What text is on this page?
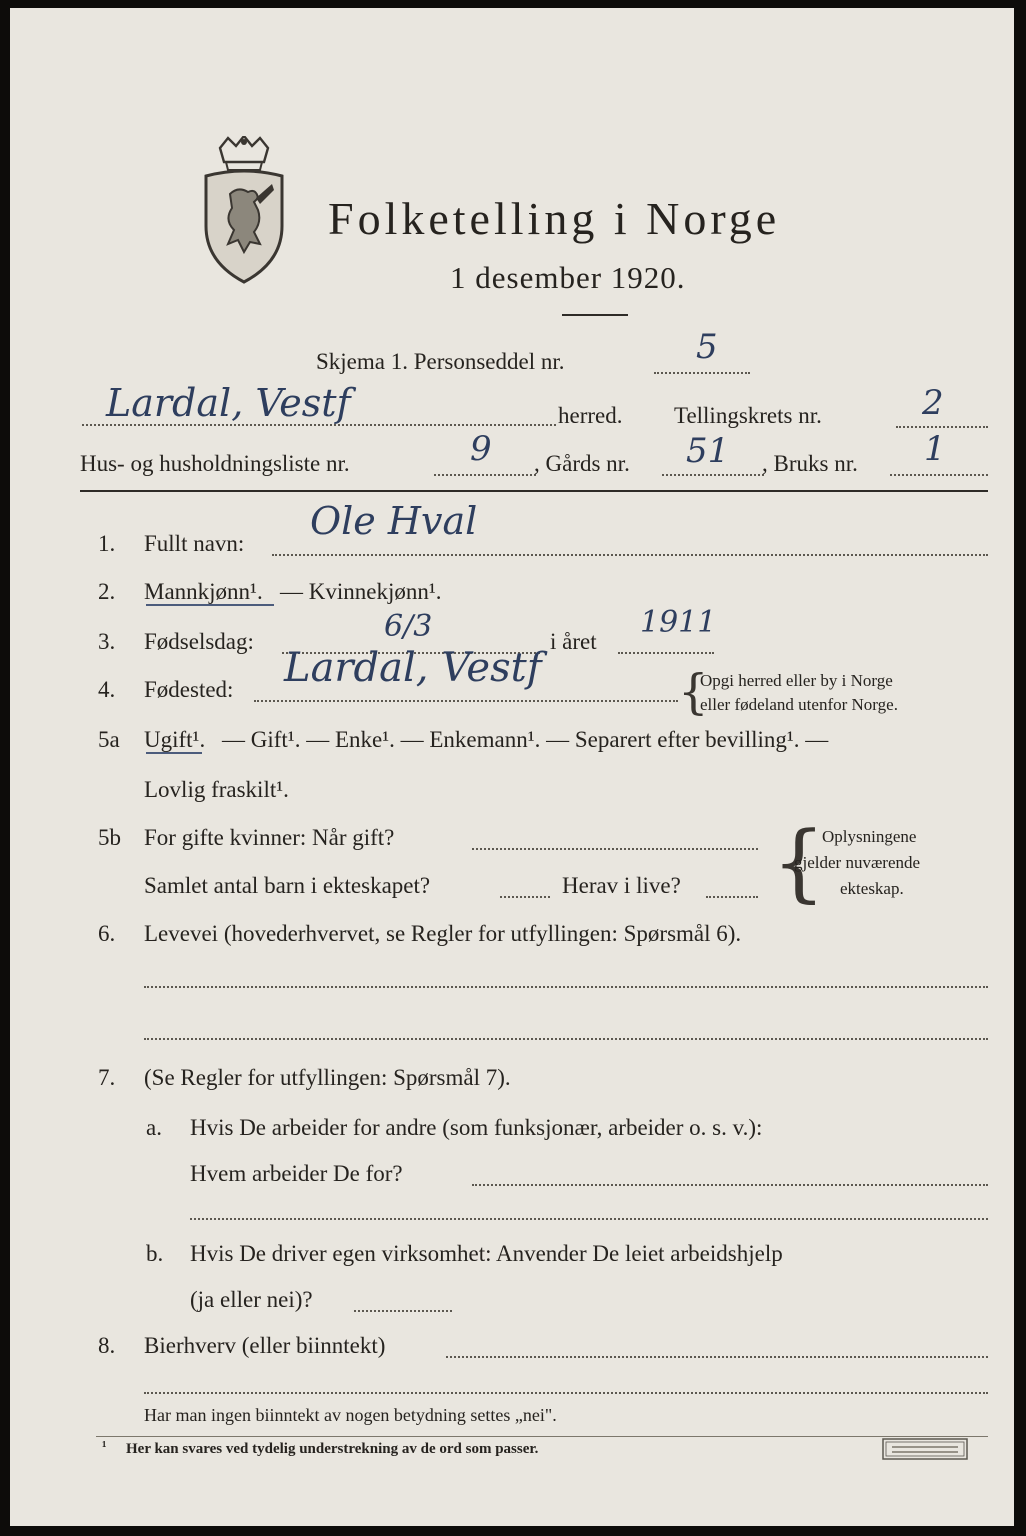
Folketelling i Norge
1 desember 1920.
Skjema 1. Personseddel nr.	5
Lardal, Vestf	herred. Tellingskrets nr.	2
Hus- og husholdningsliste nr.	9 , Gårds nr. 51 , Bruks nr. 1
1. Fullt navn:
Ole Hval
2. Mannkjønn¹. — Kvinnekjønn¹.
3. Fødselsdag:	6/3	i året
1911
4. Fødested: Lardal, Vestf	{
Opgi herred eller by i Norge
eller fødeland utenfor Norge.
5a Ugift¹. — Gift¹. — Enke¹. — Enkemann¹. — Separert efter bevilling¹. —
Lovlig fraskilt¹.
5b For gifte kvinner: Når gift?
Samlet antal barn i ekteskapet?	Herav i live? {
Oplysningene
gjelder nuværende
ekteskap.
6. Levevei (hovederhvervet, se Regler for utfyllingen: Spørsmål 6).
7. (Se Regler for utfyllingen: Spørsmål 7).
a. Hvis De arbeider for andre (som funksjonær, arbeider o. s. v.):
Hvem arbeider De for?
b. Hvis De driver egen virksomhet: Anvender De leiet arbeidshjelp
(ja eller nei)?
8. Bierhverv (eller biinntekt)
Har man ingen biinntekt av nogen betydning settes „nei".
¹ Her kan svares ved tydelig understrekning av de ord som passer.
